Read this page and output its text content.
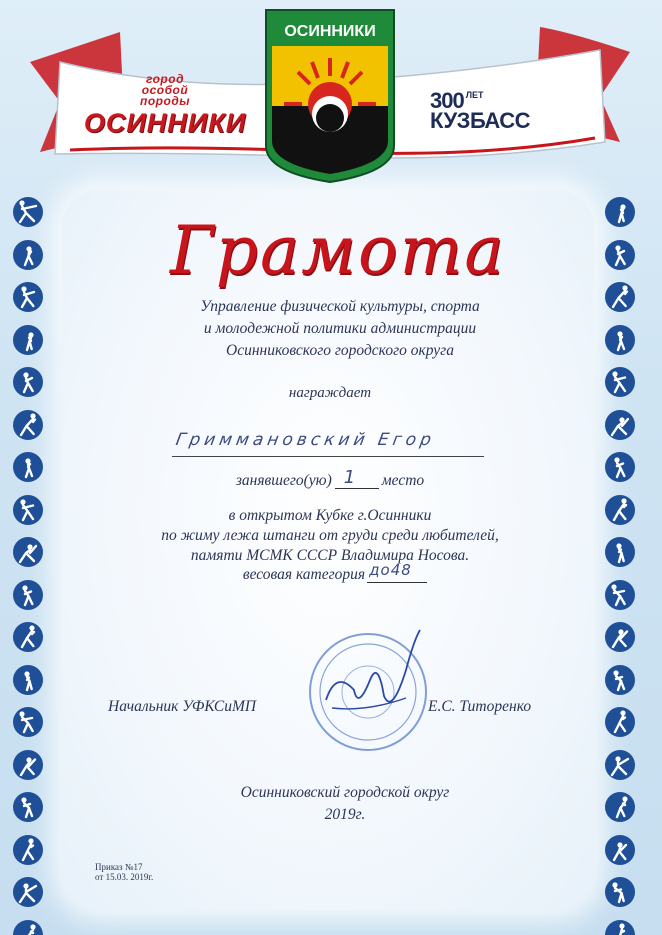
ОСИННИКИ
город
особой
породы
ОСИННИКИ
300 $^{ЛЕТ}$
КУЗБАСС
Грамота
Управление физической культуры, спорта
и молодежной политики администрации
Осинниковского городского округа
награждает
Гриммановский Егор
занявшего(ую) 1 место
в открытом Кубке г.Осинники
по жиму лежа штанги от груди среди любителей,
памяти МСМК СССР Владимира Носова.
весовая категория до48
Начальник УФКСиМП	Е.С. Титоренко
Осинниковский городской округ
2019г.
Приказ №17
от 15.03. 2019г.
